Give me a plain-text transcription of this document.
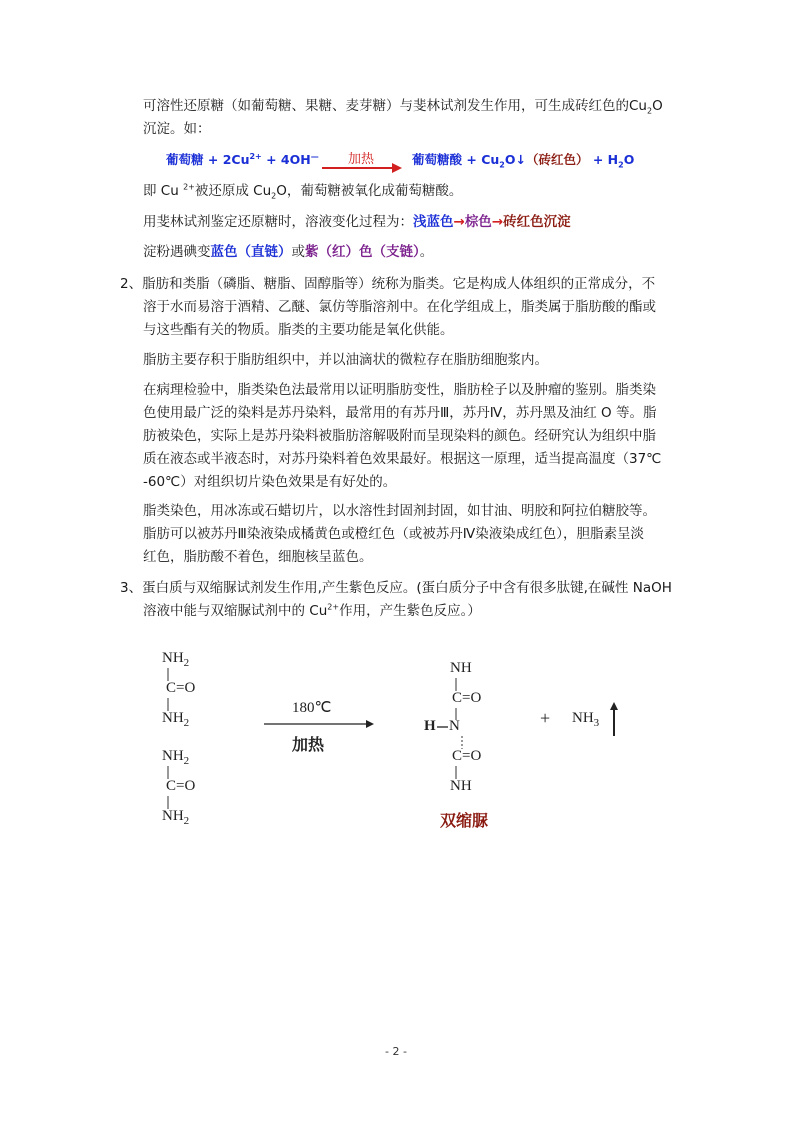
可溶性还原糖（如葡萄糖、果糖、麦芽糖）与斐林试剂发生作用，可生成砖红色的$Cu_2O$
沉淀。如：
葡萄糖 + $2Cu^{2+} + 4OH^—$ 加热	葡萄糖酸 + $Cu_2O↓$（砖红色） + $H_2O$
即 Cu $^{2+}$被还原成 $Cu_2O$，葡萄糖被氧化成葡萄糖酸。
用斐林试剂鉴定还原糖时，溶液变化过程为：浅蓝色→棕色→砖红色沉淀
淀粉遇碘变蓝色（直链）或紫（红）色（支链）。
2、脂肪和类脂（磷脂、糖脂、固醇脂等）统称为脂类。它是构成人体组织的正常成分，不
溶于水而易溶于酒精、乙醚、氯仿等脂溶剂中。在化学组成上，脂类属于脂肪酸的酯或
与这些酯有关的物质。脂类的主要功能是氧化供能。
脂肪主要存积于脂肪组织中，并以油滴状的微粒存在脂肪细胞浆内。
在病理检验中，脂类染色法最常用以证明脂肪变性，脂肪栓子以及肿瘤的鉴别。脂类染
色使用最广泛的染料是苏丹染料，最常用的有苏丹Ⅲ，苏丹Ⅳ，苏丹黑及油红 O 等。脂
肪被染色，实际上是苏丹染料被脂肪溶解吸附而呈现染料的颜色。经研究认为组织中脂
质在液态或半液态时，对苏丹染料着色效果最好。根据这一原理，适当提高温度（37℃
-60℃）对组织切片染色效果是有好处的。
脂类染色，用冰冻或石蜡切片，以水溶性封固剂封固，如甘油、明胶和阿拉伯糖胶等。
脂肪可以被苏丹Ⅲ染液染成橘黄色或橙红色（或被苏丹Ⅳ染液染成红色），胆脂素呈淡
红色，脂肪酸不着色，细胞核呈蓝色。
3、蛋白质与双缩脲试剂发生作用,产生紫色反应。(蛋白质分子中含有很多肽键,在碱性 NaOH
溶液中能与双缩脲试剂中的 $Cu^{2+}$作用，产生紫色反应。）
$NH_2$
C=O
$NH_2$
$NH_2$
C=O
$NH_2$
180℃
加热
NH
C=O
H N
C=O
NH
双缩脲
+ $NH_3$
- 2 -
